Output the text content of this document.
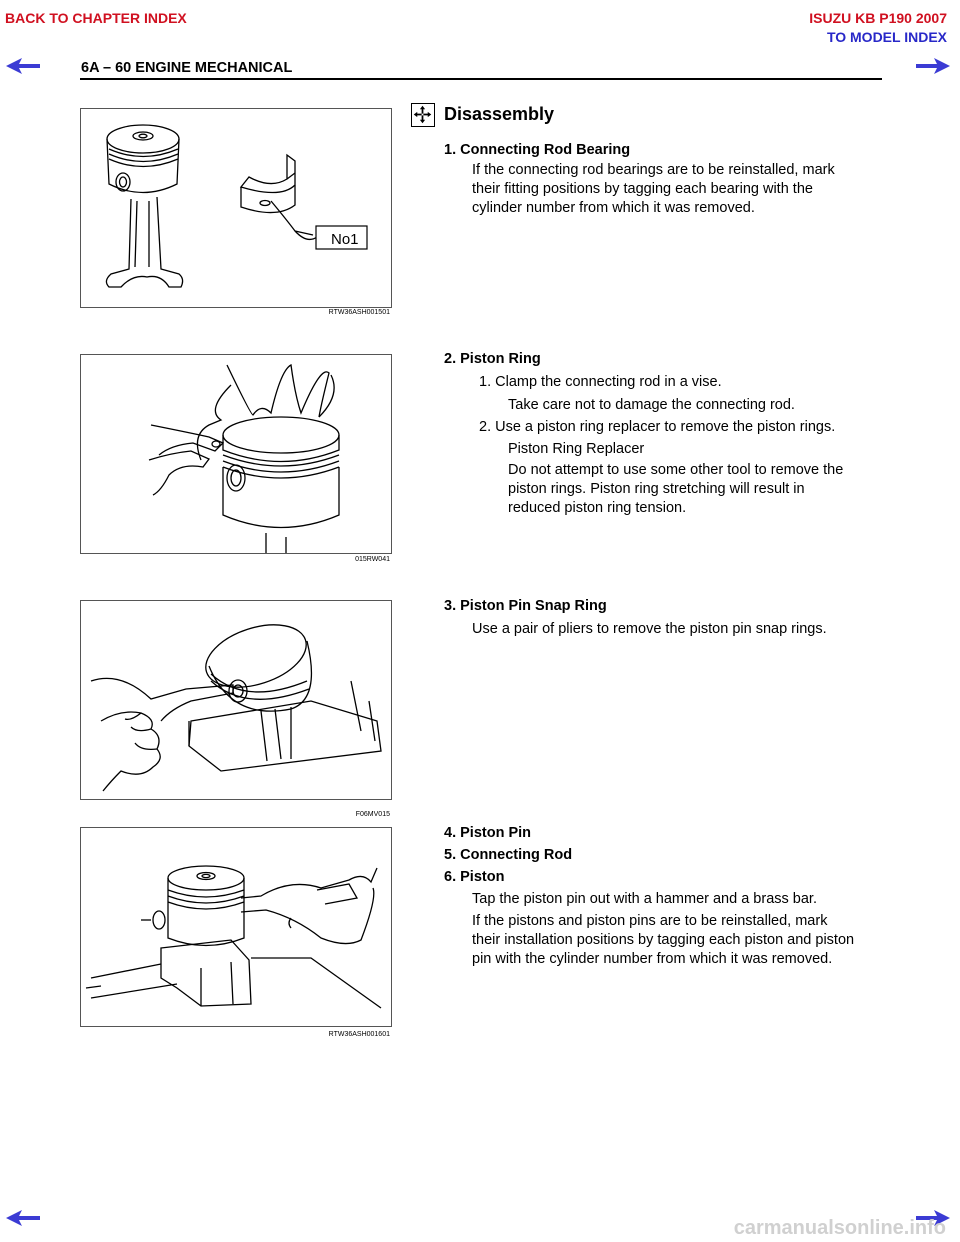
BACK TO CHAPTER INDEX	ISUZU KB P190 2007
TO MODEL INDEX
6A – 60 ENGINE MECHANICAL
Disassembly
No1
RTW36ASH001501
1. Connecting Rod Bearing
If the connecting rod bearings are to be reinstalled, mark
their fitting positions by tagging each bearing with the
cylinder number from which it was removed.
015RW041
2. Piston Ring
1. Clamp the connecting rod in a vise.
Take care not to damage the connecting rod.
2. Use a piston ring replacer to remove the piston rings.
Piston Ring Replacer
Do not attempt to use some other tool to remove the
piston rings. Piston ring stretching will result in
reduced piston ring tension.
F06MV015
3. Piston Pin Snap Ring
Use a pair of pliers to remove the piston pin snap rings.
RTW36ASH001601
4. Piston Pin
5. Connecting Rod
6. Piston
Tap the piston pin out with a hammer and a brass bar.
If the pistons and piston pins are to be reinstalled, mark
their installation positions by tagging each piston and piston
pin with the cylinder number from which it was removed.
carmanualsonline.info
